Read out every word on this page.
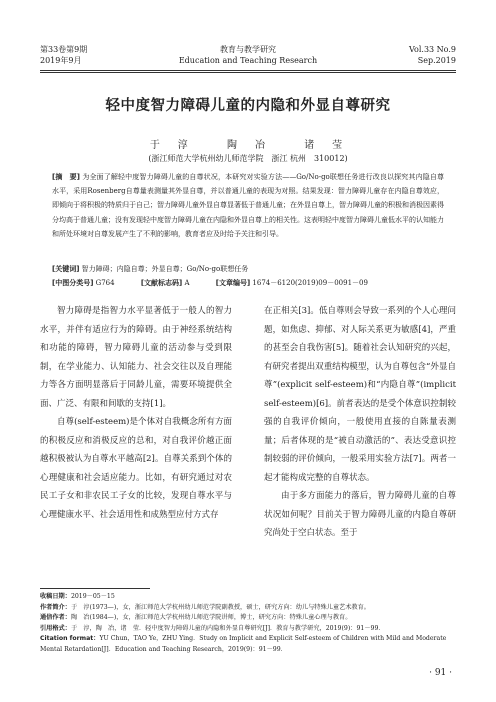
第33卷第9期
2019年9月
教育与教学研究
Education and Teaching Research
Vol.33 No.9
Sep.2019
轻中度智力障碍儿童的内隐和外显自尊研究
于　淳	陶　冶	诸　莹
(浙江师范大学杭州幼儿师范学院　浙江 杭州　310012)
[摘　要] 为全面了解轻中度智力障碍儿童的自尊状况，本研究对实验方法——Go/No-go联想任务进行改良以探究其内隐自尊水平，采用Rosenberg自尊量表测量其外显自尊，并以普通儿童的表现为对照。结果发现：智力障碍儿童存在内隐自尊效应，即倾向于将积极的特质归于自己；智力障碍儿童外显自尊显著低于普通儿童；在外显自尊上，智力障碍儿童的积极和消极因素得分均高于普通儿童；没有发现轻中度智力障碍儿童在内隐和外显自尊上的相关性。这表明轻中度智力障碍儿童低水平的认知能力和所处环境对自尊发展产生了不利的影响，教育者应及时给予关注和引导。
[关键词] 智力障碍；内隐自尊；外显自尊；Go/No-go联想任务
[中图分类号] G764	[文献标志码] A	[文章编号] 1674－6120(2019)09－0091－09

智力障碍是指智力水平显著低于一般人的智力水平，并伴有适应行为的障碍。由于神经系统结构和功能的障碍，智力障碍儿童的活动参与受到限制，在学业能力、认知能力、社会交往以及自理能力等各方面明显落后于同龄儿童，需要环境提供全面、广泛、有限和间歇的支持[1]。

自尊(self-esteem)是个体对自我概念所有方面的积极反应和消极反应的总和，对自我评价越正面越积极被认为自尊水平越高[2]。自尊关系到个体的心理健康和社会适应能力。比如，有研究通过对农民工子女和非农民工子女的比较，发现自尊水平与心理健康水平、社会适用性和成熟型应付方式存

在正相关[3]。低自尊则会导致一系列的个人心理问题，如焦虑、抑郁、对人际关系更为敏感[4]，严重的甚至会自我伤害[5]。随着社会认知研究的兴起，有研究者提出双重结构模型，认为自尊包含“外显自尊”(explicit self-esteem)和“内隐自尊”(implicit self-esteem)[6]。前者表达的是受个体意识控制较强的自我评价倾向，一般使用直接的自陈量表测量；后者体现的是“被自动激活的”、表达受意识控制较弱的评价倾向，一般采用实验方法[7]。两者一起才能构成完整的自尊状态。

由于多方面能力的落后，智力障碍儿童的自尊状况如何呢？目前关于智力障碍儿童的内隐自尊研究尚处于空白状态。至于

收稿日期：2019－05－15
作者简介：于　淳(1973—)，女，浙江师范大学杭州幼儿师范学院副教授，硕士，研究方向：幼儿与特殊儿童艺术教育。
通信作者：陶　冶(1984—)，女，浙江师范大学杭州幼儿师范学院讲师，博士，研究方向：特殊儿童心理与教育。
引用格式：于　淳，陶　冶，诸　莹．轻中度智力障碍儿童的内隐和外显自尊研究[J]．教育与教学研究，2019(9)：91－99．
Citation format：YU Chun，TAO Ye，ZHU Ying．Study on Implicit and Explicit Self-esteem of Children with Mild and Moderate Mental Retardation[J]．Education and Teaching Research，2019(9)：91－99．
· 91 ·
